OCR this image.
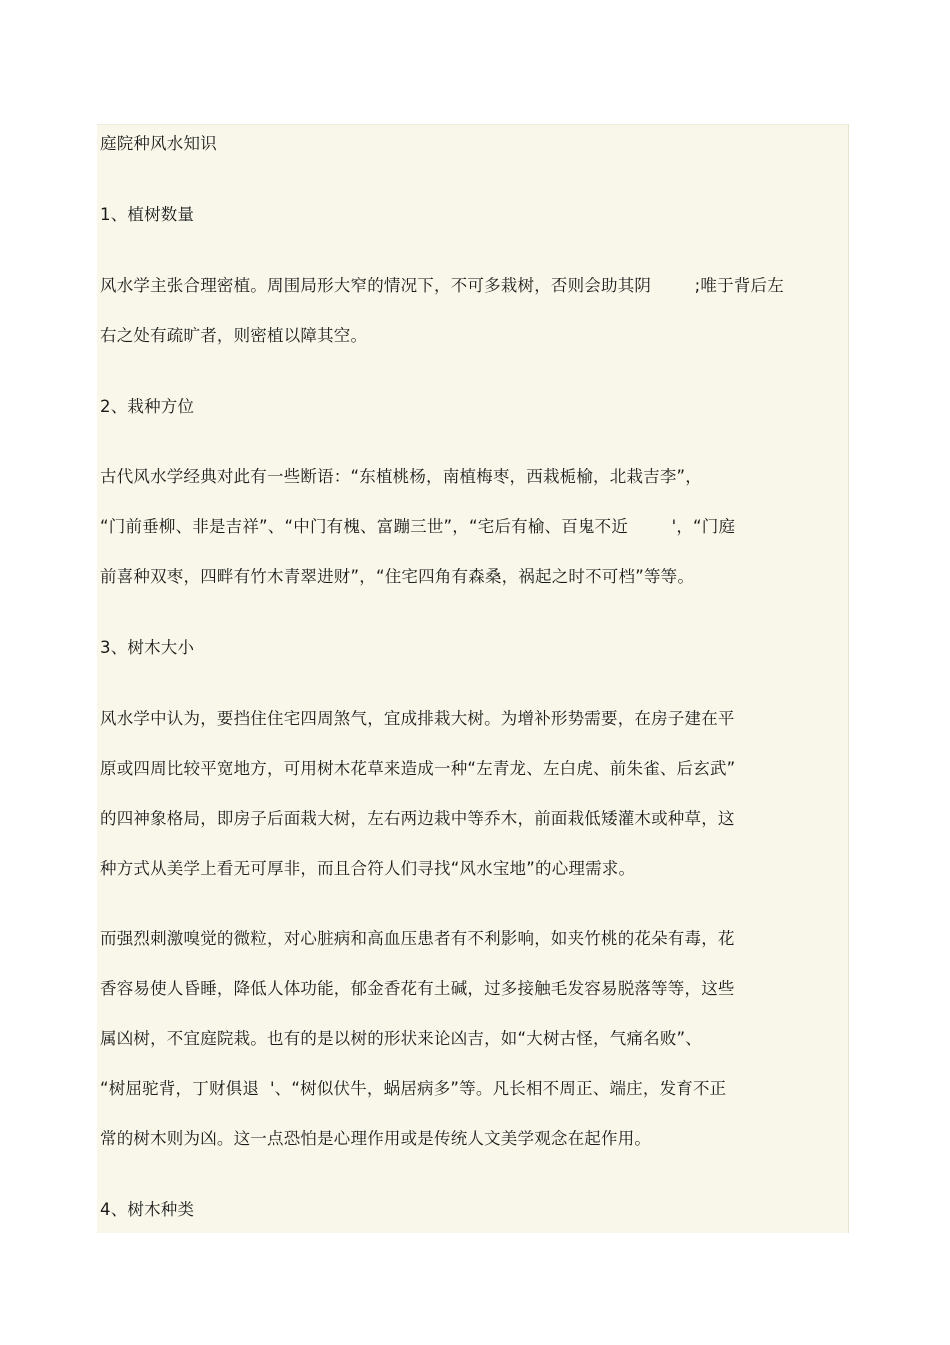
庭院种风水知识
1、植树数量
风水学主张合理密植。周围局形大窄的情况下，不可多栽树，否则会助其阴        ;唯于背后左
右之处有疏旷者，则密植以障其空。
2、栽种方位
古代风水学经典对此有一些断语：“东植桃杨，南植梅枣，西栽栀榆，北栽吉李”，
“门前垂柳、非是吉祥”、“中门有槐、富蹦三世”，“宅后有榆、百鬼不近        '，“门庭
前喜种双枣，四畔有竹木青翠进财”，“住宅四角有森桑，祸起之时不可档”等等。
3、树木大小
风水学中认为，要挡住住宅四周煞气，宜成排栽大树。为增补形势需要，在房子建在平
原或四周比较平宽地方，可用树木花草来造成一种“左青龙、左白虎、前朱雀、后玄武”
的四神象格局，即房子后面栽大树，左右两边栽中等乔木，前面栽低矮灌木或种草，这
种方式从美学上看无可厚非，而且合符人们寻找“风水宝地”的心理需求。
而强烈刺激嗅觉的微粒，对心脏病和高血压患者有不利影响，如夹竹桃的花朵有毒，花
香容易使人昏睡，降低人体功能，郁金香花有土碱，过多接触毛发容易脱落等等，这些
属凶树，不宜庭院栽。也有的是以树的形状来论凶吉，如“大树古怪，气痛名败”、
“树屈驼背，丁财俱退  '、“树似伏牛，蜗居病多”等。凡长相不周正、端庄，发育不正
常的树木则为凶。这一点恐怕是心理作用或是传统人文美学观念在起作用。
4、树木种类
